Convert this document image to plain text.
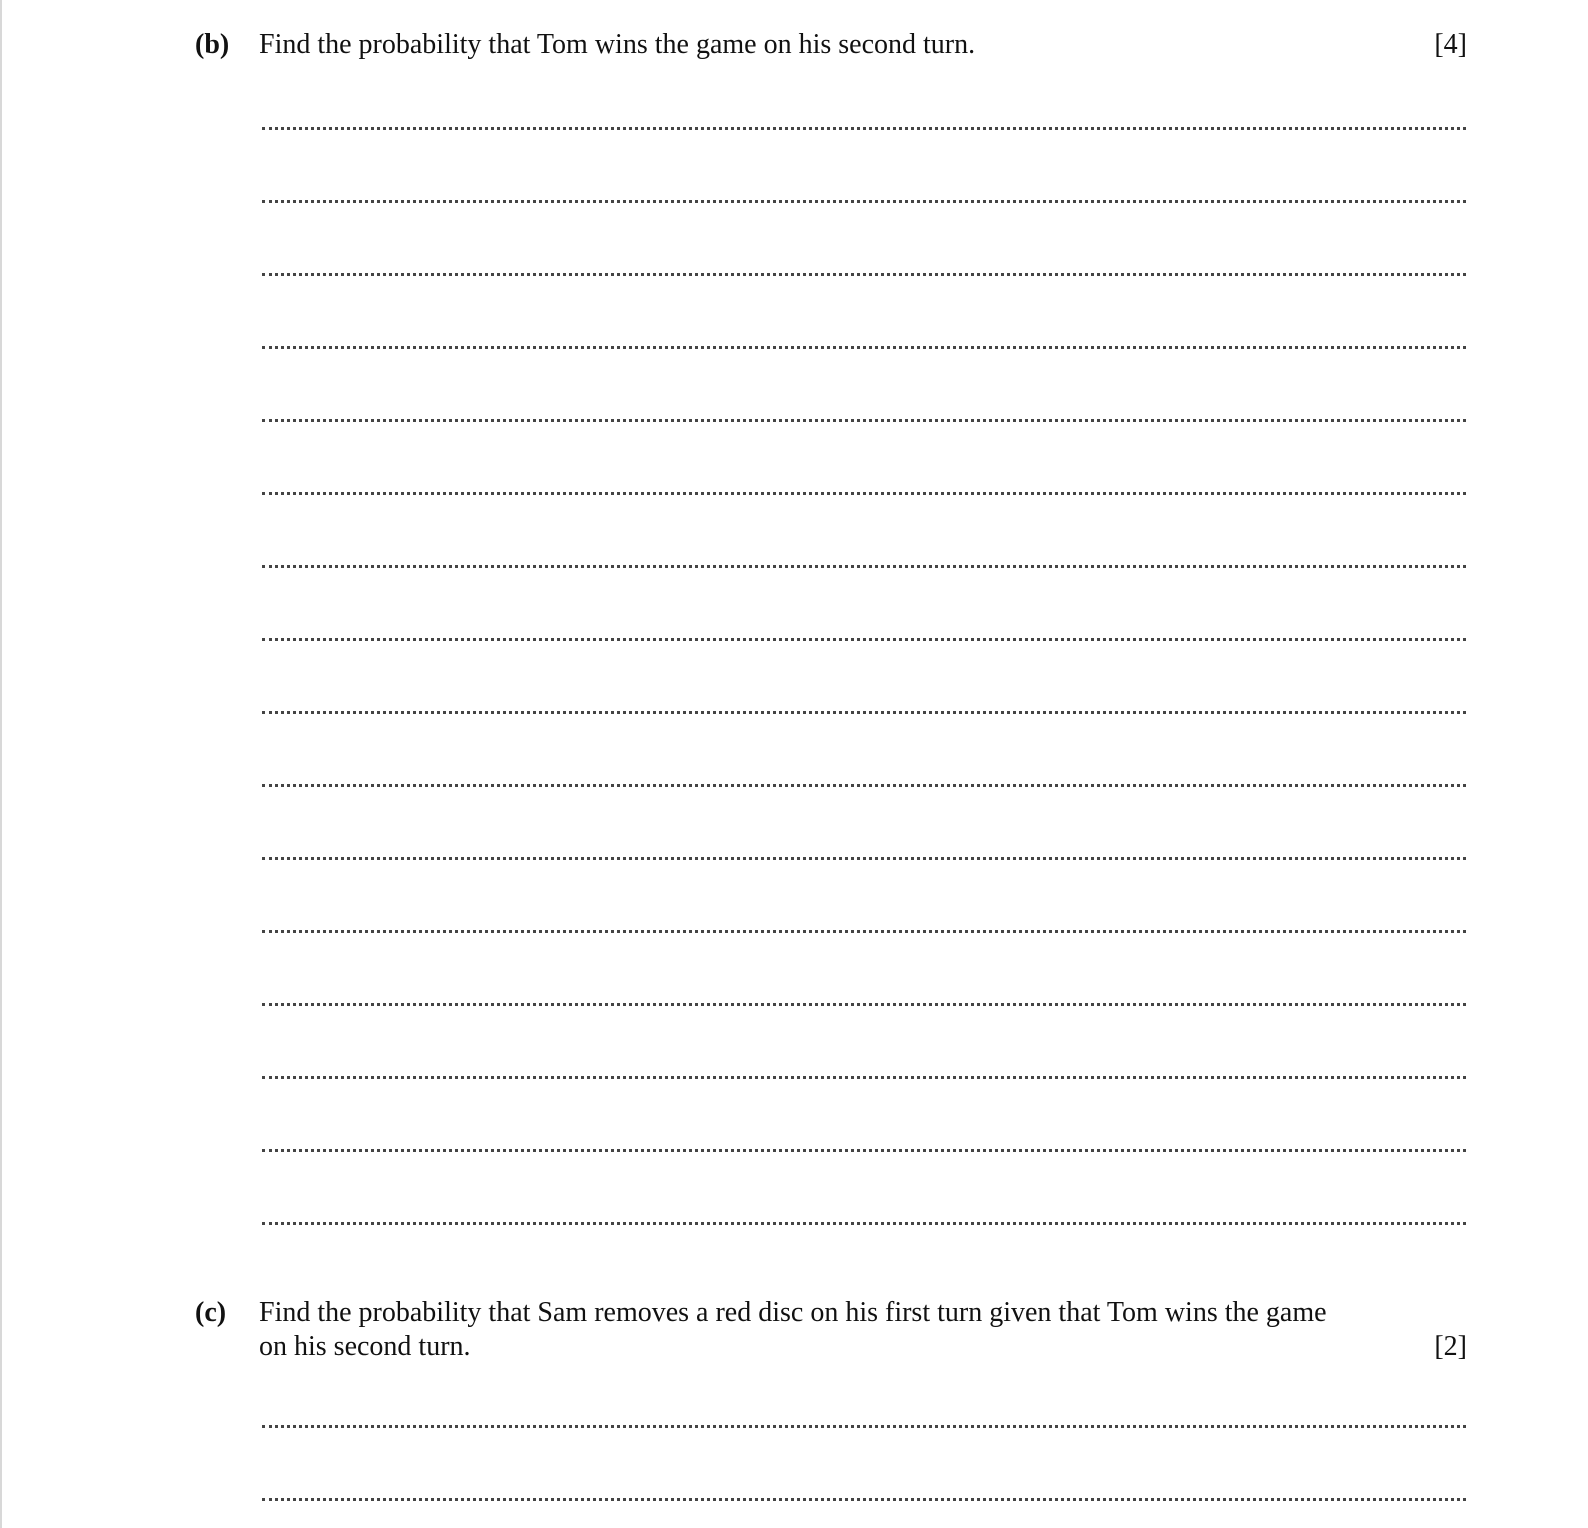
(b) Find the probability that Tom wins the game on his second turn.	[4]
(c) Find the probability that Sam removes a red disc on his first turn given that Tom wins the game
on his second turn.	[2]
